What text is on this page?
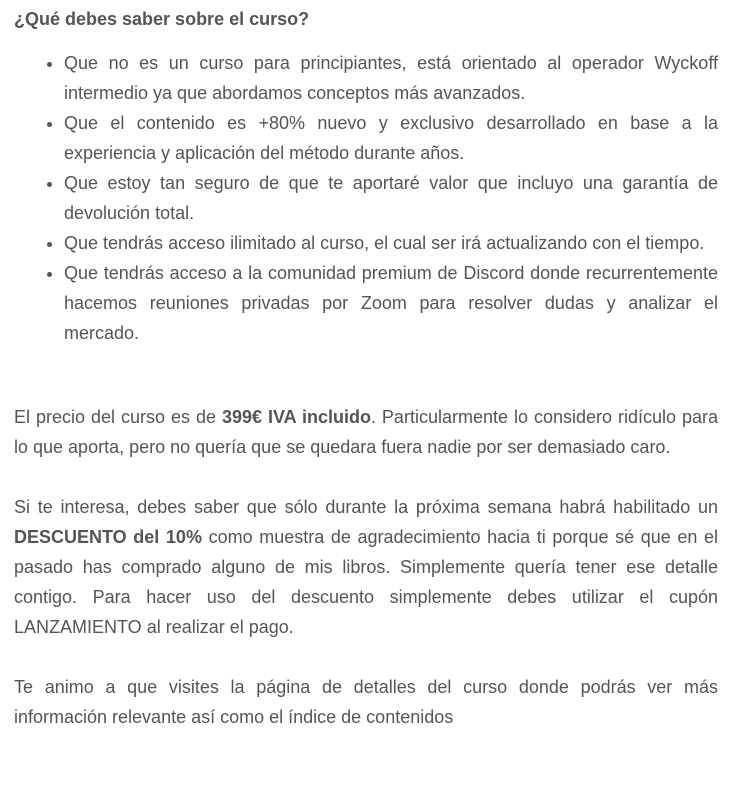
¿Qué debes saber sobre el curso?
• Que no es un curso para principiantes, está orientado al operador Wyckoff intermedio ya que abordamos conceptos más avanzados.
• Que el contenido es +80% nuevo y exclusivo desarrollado en base a la experiencia y aplicación del método durante años.
• Que estoy tan seguro de que te aportaré valor que incluyo una garantía de devolución total.
• Que tendrás acceso ilimitado al curso, el cual ser irá actualizando con el tiempo.
• Que tendrás acceso a la comunidad premium de Discord donde recurrentemente hacemos reuniones privadas por Zoom para resolver dudas y analizar el mercado.

El precio del curso es de 399€ IVA incluido. Particularmente lo considero ridículo para lo que aporta, pero no quería que se quedara fuera nadie por ser demasiado caro.

Si te interesa, debes saber que sólo durante la próxima semana habrá habilitado un DESCUENTO del 10% como muestra de agradecimiento hacia ti porque sé que en el pasado has comprado alguno de mis libros. Simplemente quería tener ese detalle contigo. Para hacer uso del descuento simplemente debes utilizar el cupón LANZAMIENTO al realizar el pago.

Te animo a que visites la página de detalles del curso donde podrás ver más información relevante así como el índice de contenidos
